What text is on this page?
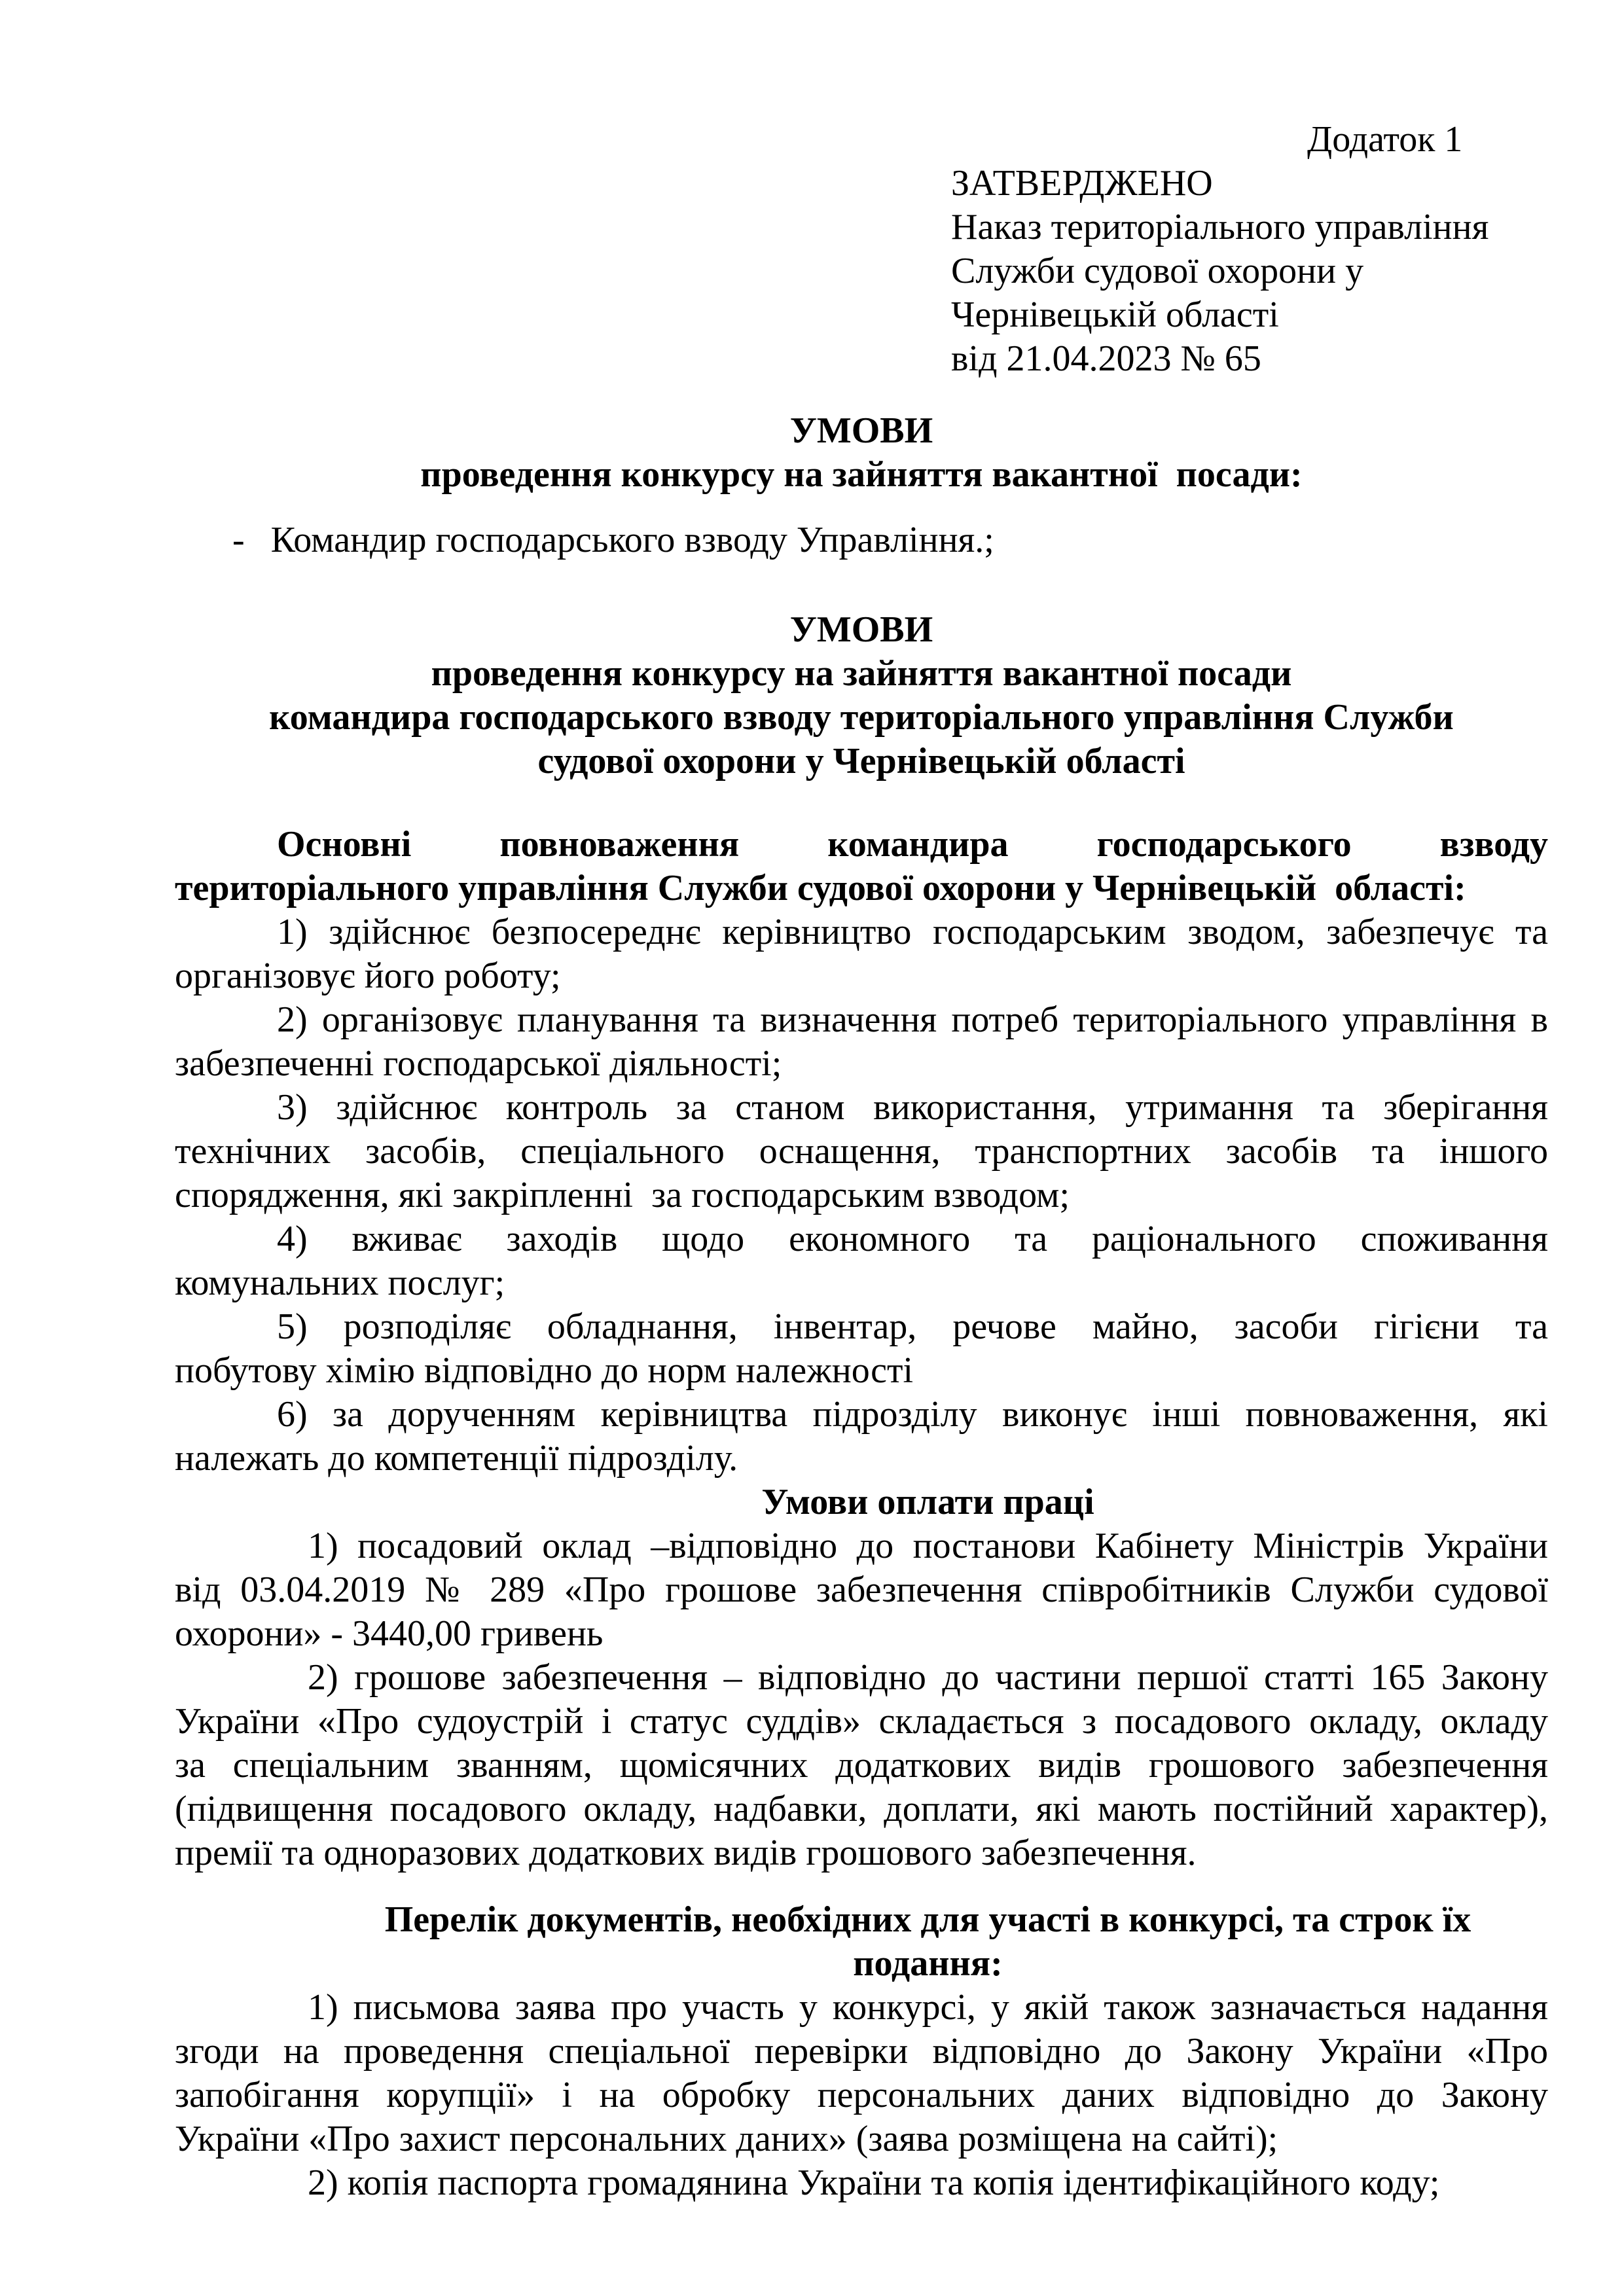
Додаток 1
ЗАТВЕРДЖЕНО
Наказ територіального управління
Служби судової охорони у
Чернівецькій області
від 21.04.2023 № 65
УМОВИ
проведення конкурсу на зайняття вакантної  посади:
- Командир господарського взводу Управління.;
УМОВИ
проведення конкурсу на зайняття вакантної посади
командира господарського взводу територіального управління Служби
судової охорони у Чернівецькій області
Основні повноваження командира господарського взводу
територіального управління Служби судової охорони у Чернівецькій  області:
1) здійснює безпосереднє керівництво господарським зводом, забезпечує та
організовує його роботу;
2) організовує планування та визначення потреб територіального управління в
забезпеченні господарської діяльності;
3) здійснює контроль за станом використання, утримання та зберігання
технічних засобів, спеціального оснащення, транспортних засобів та іншого
спорядження, які закріпленні  за господарським взводом;
4) вживає заходів щодо економного та раціонального споживання
комунальних послуг;
5) розподіляє обладнання, інвентар, речове майно, засоби гігієни та
побутову хімію відповідно до норм належності
6) за дорученням керівництва підрозділу виконує інші повноваження, які
належать до компетенції підрозділу.
Умови оплати праці
1) посадовий оклад –відповідно до постанови Кабінету Міністрів України
від 03.04.2019 № 289 «Про грошове забезпечення співробітників Служби судової
охорони» - 3440,00 гривень
2) грошове забезпечення – відповідно до частини першої статті 165 Закону
України «Про судоустрій і статус суддів» складається з посадового окладу, окладу
за спеціальним званням, щомісячних додаткових видів грошового забезпечення
(підвищення посадового окладу, надбавки, доплати, які мають постійний характер),
премії та одноразових додаткових видів грошового забезпечення.
Перелік документів, необхідних для участі в конкурсі, та строк їх
подання:
1) письмова заява про участь у конкурсі, у якій також зазначається надання
згоди на проведення спеціальної перевірки відповідно до Закону України «Про
запобігання корупції» і на обробку персональних даних відповідно до Закону
України «Про захист персональних даних» (заява розміщена на сайті);
2) копія паспорта громадянина України та копія ідентифікаційного коду;
